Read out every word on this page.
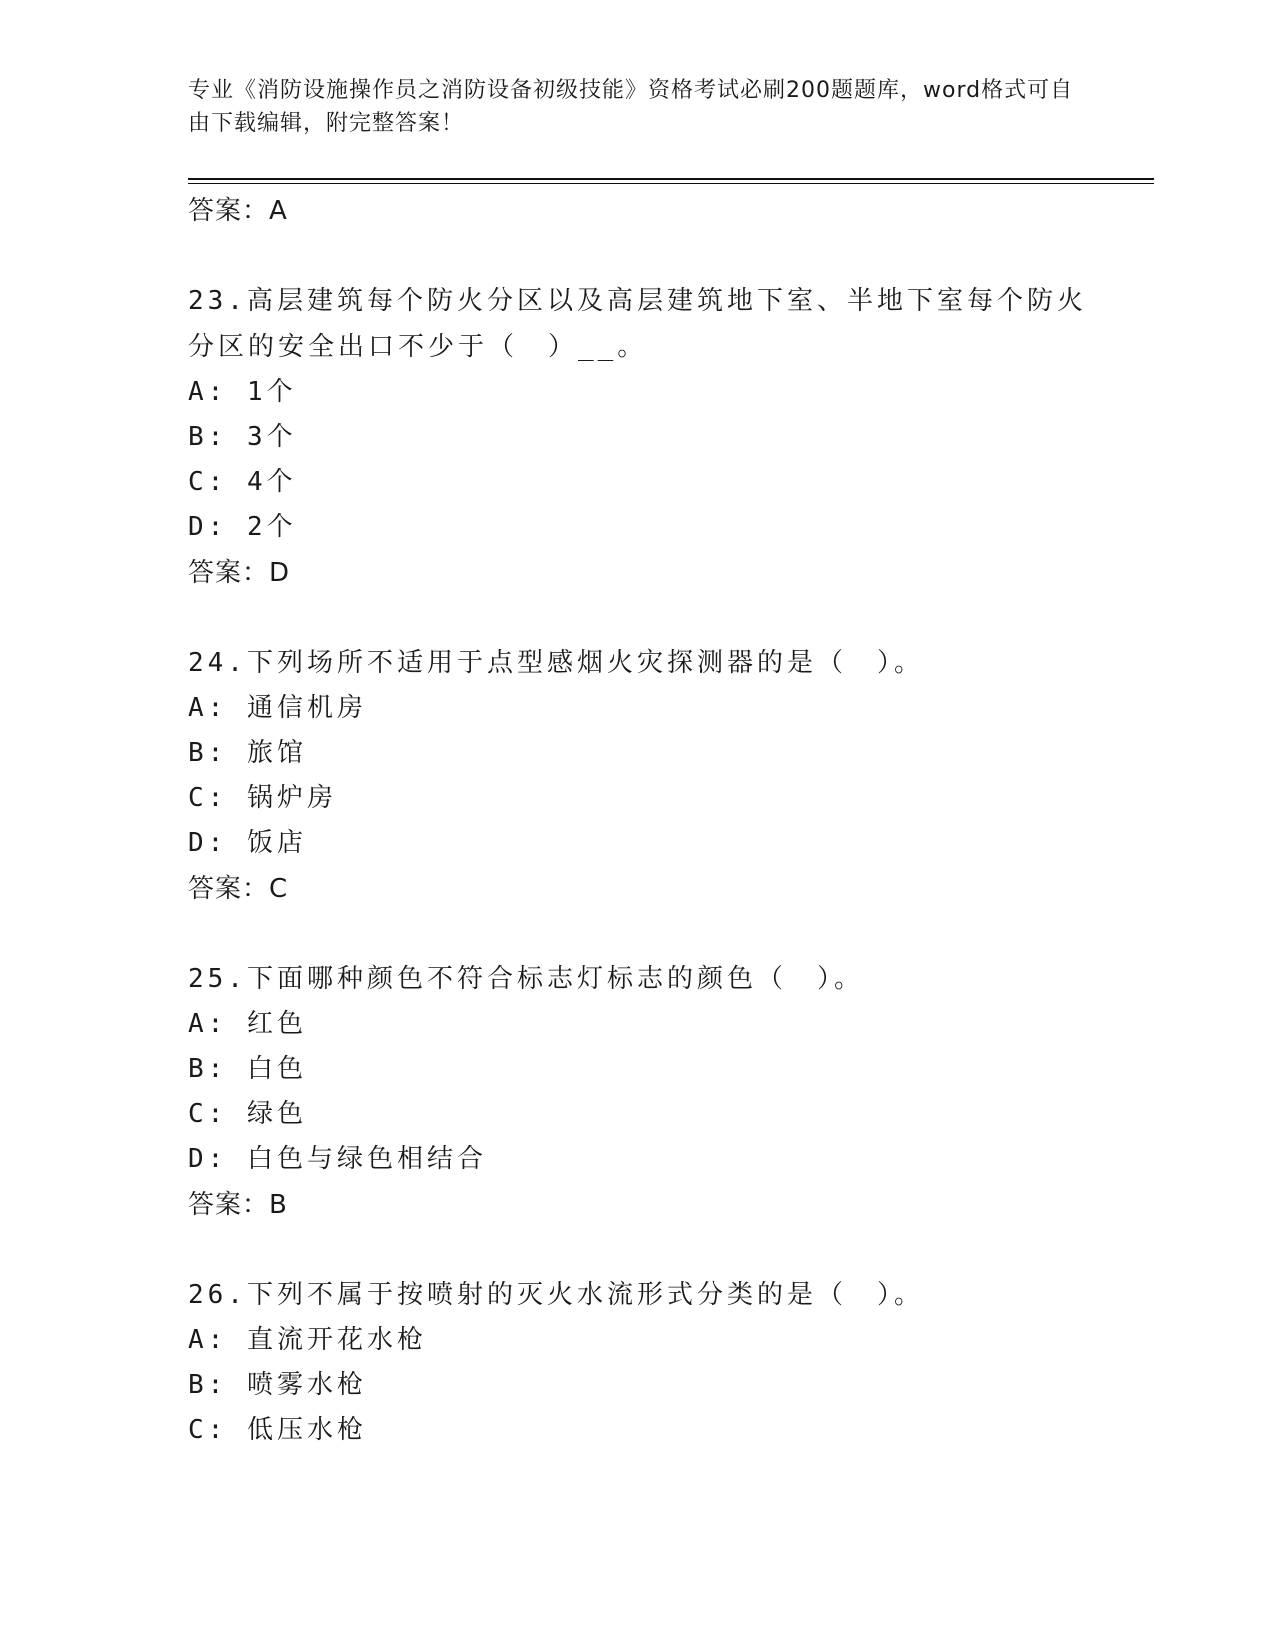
专业《消防设施操作员之消防设备初级技能》资格考试必刷200题题库，word格式可自由下载编辑，附完整答案！

答案：A

23.高层建筑每个防火分区以及高层建筑地下室、半地下室每个防火分区的安全出口不少于（　）__。

A: 1个

B: 3个

C: 4个

D: 2个

答案：D

24.下列场所不适用于点型感烟火灾探测器的是（　）。

A: 通信机房

B: 旅馆

C: 锅炉房

D: 饭店

答案：C

25.下面哪种颜色不符合标志灯标志的颜色（　）。

A: 红色

B: 白色

C: 绿色

D: 白色与绿色相结合

答案：B

26.下列不属于按喷射的灭火水流形式分类的是（　）。

A: 直流开花水枪

B: 喷雾水枪

C: 低压水枪
